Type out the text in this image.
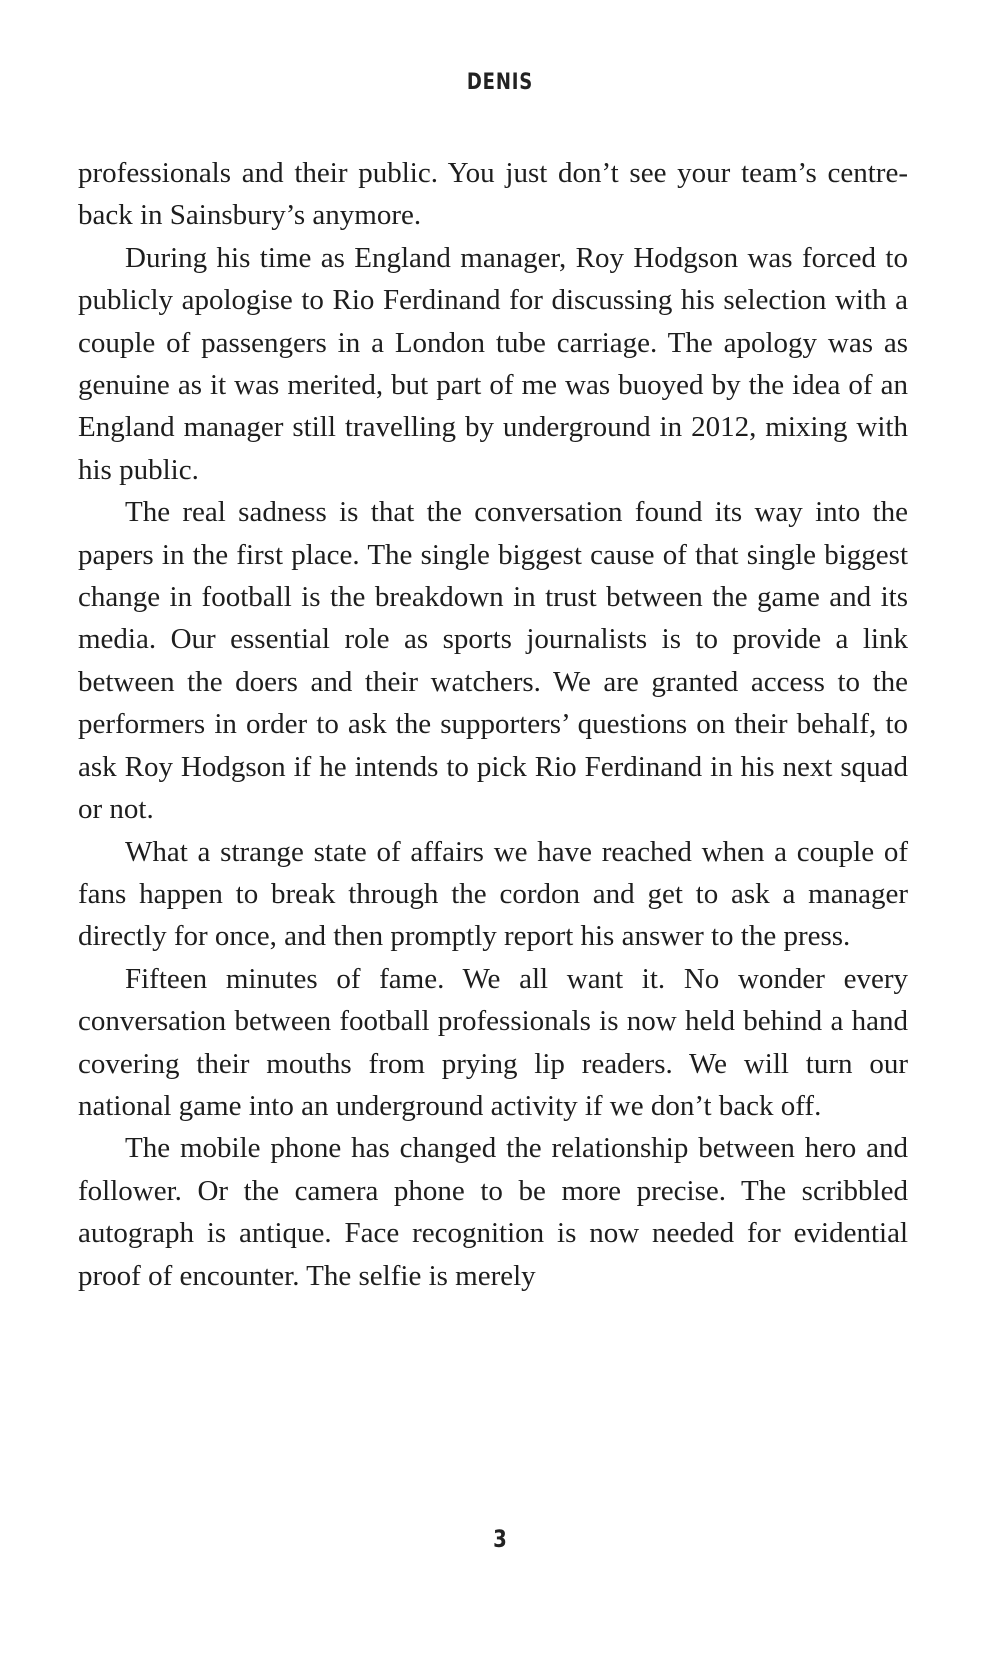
DENIS

professionals and their public. You just don’t see your team’s centre-back in Sainsbury’s anymore.

During his time as England manager, Roy Hodgson was forced to publicly apologise to Rio Ferdinand for discussing his selection with a couple of passengers in a London tube carriage. The apology was as genuine as it was merited, but part of me was buoyed by the idea of an England manager still travelling by underground in 2012, mixing with his public.

The real sadness is that the conversation found its way into the papers in the first place. The single biggest cause of that single biggest change in football is the breakdown in trust between the game and its media. Our essential role as sports journalists is to provide a link between the doers and their watchers. We are granted access to the performers in order to ask the supporters’ questions on their behalf, to ask Roy Hodgson if he intends to pick Rio Ferdinand in his next squad or not.

What a strange state of affairs we have reached when a couple of fans happen to break through the cordon and get to ask a manager directly for once, and then promptly report his answer to the press.

Fifteen minutes of fame. We all want it. No wonder every conversation between football professionals is now held behind a hand covering their mouths from prying lip readers. We will turn our national game into an underground activity if we don’t back off.

The mobile phone has changed the relationship between hero and follower. Or the camera phone to be more precise. The scribbled autograph is antique. Face recognition is now needed for evidential proof of encounter. The selfie is merely

3
